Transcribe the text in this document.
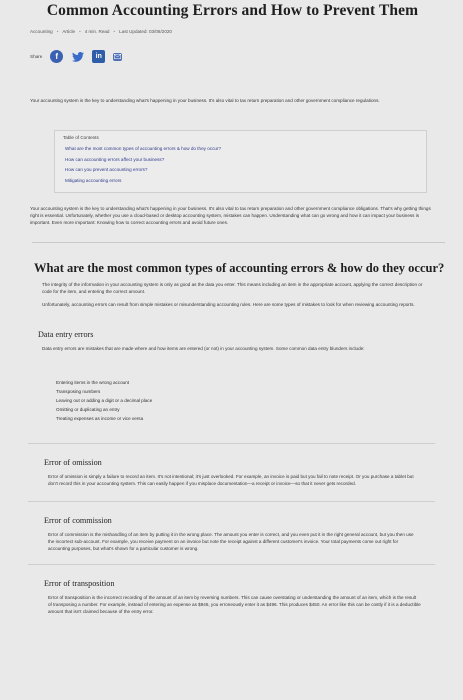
Common Accounting Errors and How to Prevent Them
Accounting • Article • 4 min. Read • Last Updated: 03/08/2020
Share	f	in

Your accounting system is the key to understanding what's happening in your business. It's also vital to tax return preparation and other government compliance regulations.

Table of Contents
What are the most common types of accounting errors & how do they occur?
How can accounting errors affect your business?
How can you prevent accounting errors?
Mitigating accounting errors

Your accounting system is the key to understanding what's happening in your business. It's also vital to tax return preparation and other government compliance obligations. That's why getting things right is essential. Unfortunately, whether you use a cloud-based or desktop accounting system, mistakes can happen. Understanding what can go wrong and how it can impact your business is important. Even more important: Knowing how to correct accounting errors and avoid future ones.

What are the most common types of accounting errors & how do they occur?

The integrity of the information in your accounting system is only as good as the data you enter. This means including an item in the appropriate account, applying the correct description or code for the item, and entering the correct amount.

Unfortunately, accounting errors can result from simple mistakes or misunderstanding accounting rules. Here are some types of mistakes to look for when reviewing accounting reports.

Data entry errors

Data entry errors are mistakes that are made where and how items are entered (or not) in your accounting system. Some common data entry blunders include:

Entering items in the wrong account
Transposing numbers
Leaving out or adding a digit or a decimal place
Omitting or duplicating an entry
Treating expenses as income or vice versa
Error of omission

Error of omission is simply a failure to record an item. It's not intentional; it's just overlooked. For example, an invoice is paid but you fail to note receipt. Or you purchase a tablet but don't record this in your accounting system. This can easily happen if you misplace documentation—a receipt or invoice—so that it never gets recorded.

Error of commission

Error of commission is the mishandling of an item by putting it in the wrong place. The amount you enter is correct, and you even put it in the right general account, but you then use the incorrect sub-account. For example, you receive payment on an invoice but note the receipt against a different customer's invoice. Your total payments come out right for accounting purposes, but what's shown for a particular customer is wrong.

Error of transposition

Error of transposition is the incorrect recording of the amount of an item by reversing numbers. This can cause overstating or understanding the amount of an item, which is the result of transposing a number. For example, instead of entering an expense as $946, you erroneously enter it as $496. This produces $450. An error like this can be costly if it is a deductible amount that isn't claimed because of the entry error.
